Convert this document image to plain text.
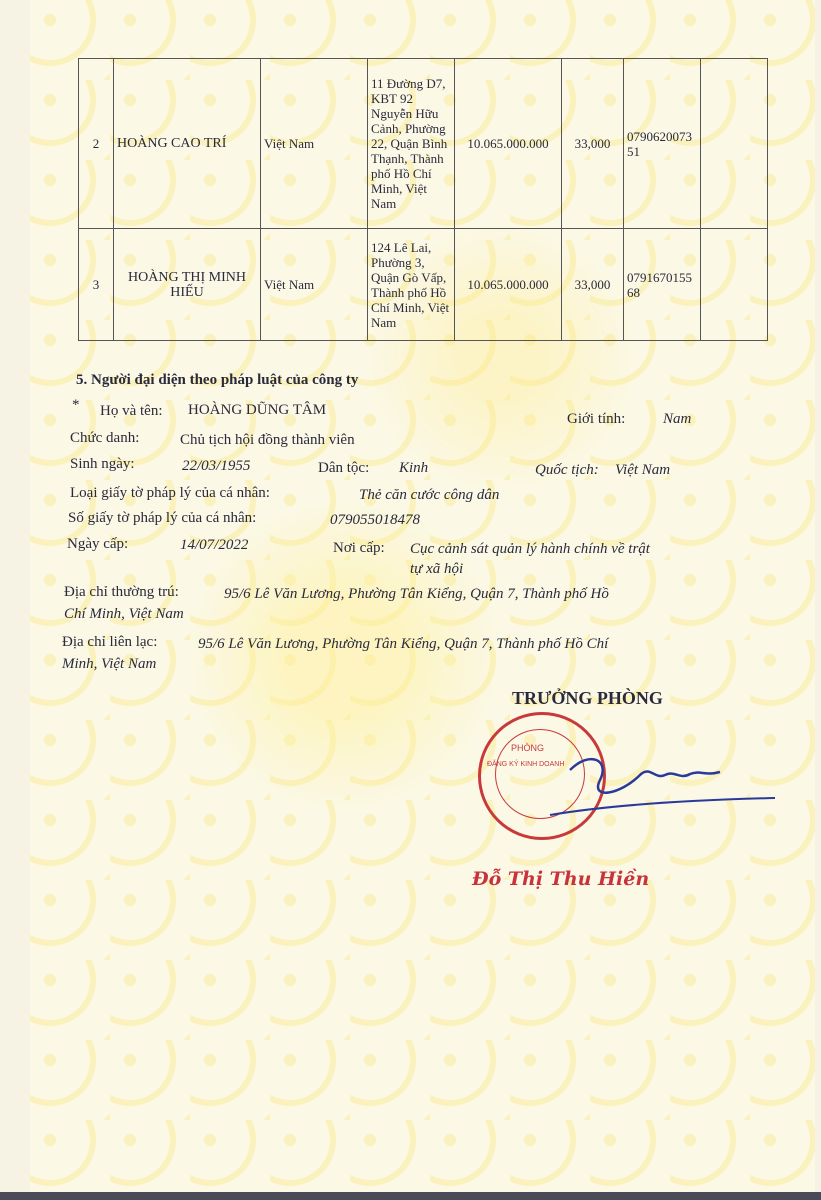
2	HOÀNG CAO TRÍ	Việt Nam	11 Đường D7, KBT 92 Nguyễn Hữu Cảnh, Phường 22, Quận Bình Thạnh, Thành phố Hồ Chí Minh, Việt Nam	10.065.000.000	33,000	079062007351	
3	HOÀNG THỊ MINH HIẾU	Việt Nam	124 Lê Lai, Phường 3, Quận Gò Vấp, Thành phố Hồ Chí Minh, Việt Nam	10.065.000.000	33,000	079167015568	
5. Người đại diện theo pháp luật của công ty
* Họ và tên: HOÀNG DŨNG TÂM
Giới tính:	Nam
Chức danh:	Chủ tịch hội đồng thành viên
Sinh ngày:	22/03/1955	Dân tộc: Kinh	Quốc tịch: Việt Nam
Loại giấy tờ pháp lý của cá nhân:	Thẻ căn cước công dân
Số giấy tờ pháp lý của cá nhân:	079055018478
Ngày cấp:	14/07/2022	Nơi cấp: Cục cảnh sát quản lý hành chính về trật
tự xã hội
Địa chỉ thường trú:	95/6 Lê Văn Lương, Phường Tân Kiểng, Quận 7, Thành phố Hồ
Chí Minh, Việt Nam
Địa chỉ liên lạc:	95/6 Lê Văn Lương, Phường Tân Kiểng, Quận 7, Thành phố Hồ Chí
Minh, Việt Nam
TRƯỞNG PHÒNG
PHÒNG
ĐĂNG KÝ KINH DOANH
Đỗ Thị Thu Hiền
